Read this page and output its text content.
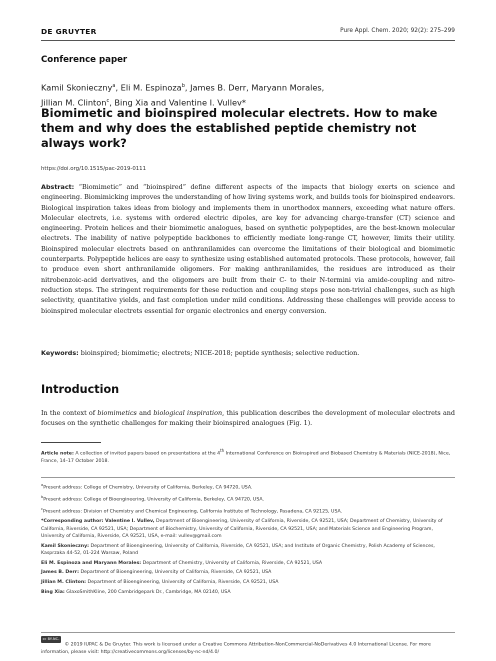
DE GRUYTER	Pure Appl. Chem. 2020; 92(2): 275–299
Conference paper
Kamil Skonieczny$^a$, Eli M. Espinoza$^b$, James B. Derr, Maryann Morales,
Jillian M. Clinton$^c$, Bing Xia and Valentine I. Vullev*
Biomimetic and bioinspired molecular electrets. How to make them and why does the established peptide chemistry not always work?
https://doi.org/10.1515/pac-2019-0111
Abstract: “Biomimetic” and “bioinspired” define different aspects of the impacts that biology exerts on science and engineering. Biomimicking improves the understanding of how living systems work, and builds tools for bioinspired endeavors. Biological inspiration takes ideas from biology and implements them in unorthodox manners, exceeding what nature offers. Molecular electrets, i.e. systems with ordered electric dipoles, are key for advancing charge-transfer (CT) science and engineering. Protein helices and their biomimetic analogues, based on synthetic polypeptides, are the best-known molecular electrets. The inability of native polypeptide backbones to efficiently mediate long-range CT, however, limits their utility. Bioinspired molecular electrets based on anthranilamides can overcome the limitations of their biological and biomimetic counterparts. Polypeptide helices are easy to synthesize using established automated protocols. These protocols, however, fail to produce even short anthranilamide oligomers. For making anthranilamides, the residues are introduced as their nitrobenzoic-acid derivatives, and the oligomers are built from their C- to their N-termini via amide-coupling and nitro-reduction steps. The stringent requirements for these reduction and coupling steps pose non-trivial challenges, such as high selectivity, quantitative yields, and fast completion under mild conditions. Addressing these challenges will provide access to bioinspired molecular electrets essential for organic electronics and energy conversion.
Keywords: bioinspired; biomimetic; electrets; NICE-2018; peptide synthesis; selective reduction.
Introduction
In the context of biomimetics and biological inspiration, this publication describes the development of molecular electrets and focuses on the synthetic challenges for making their bioinspired analogues (Fig. 1).
Article note: A collection of invited papers based on presentations at the 4th International Conference on Bioinspired and Biobased Chemistry & Materials (NICE-2018), Nice, France, 14–17 October 2018.

$^a$Present address: College of Chemistry, University of California, Berkeley, CA 94720, USA.

$^b$Present address: College of Bioengineering, University of California, Berkeley, CA 94720, USA.

$^c$Present address: Division of Chemistry and Chemical Engineering, California Institute of Technology, Pasadena, CA 92125, USA.

*Corresponding author: Valentine I. Vullev, Department of Bioengineering, University of California, Riverside, CA 92521, USA; Department of Chemistry, University of California, Riverside, CA 92521, USA; Department of Biochemistry, University of California, Riverside, CA 92521, USA; and Materials Science and Engineering Program, University of California, Riverside, CA 92521, USA, e-mail: vullev@gmail.com

Kamil Skonieczny: Department of Bioengineering, University of California, Riverside, CA 92521, USA; and Institute of Organic Chemistry, Polish Academy of Sciences, Kasprzaka 44-52, 01-224 Warsaw, Poland

Eli M. Espinoza and Maryann Morales: Department of Chemistry, University of California, Riverside, CA 92521, USA

James B. Derr: Department of Bioengineering, University of California, Riverside, CA 92521, USA

Jillian M. Clinton: Department of Bioengineering, University of California, Riverside, CA 92521, USA

Bing Xia: GlaxoSmithKline, 200 Cambridgepark Dr., Cambridge, MA 02140, USA

cc BY-NC-ND © 2019 IUPAC & De Gruyter. This work is licensed under a Creative Commons Attribution-NonCommercial-NoDerivatives 4.0 International License. For more information, please visit: http://creativecommons.org/licenses/by-nc-nd/4.0/
